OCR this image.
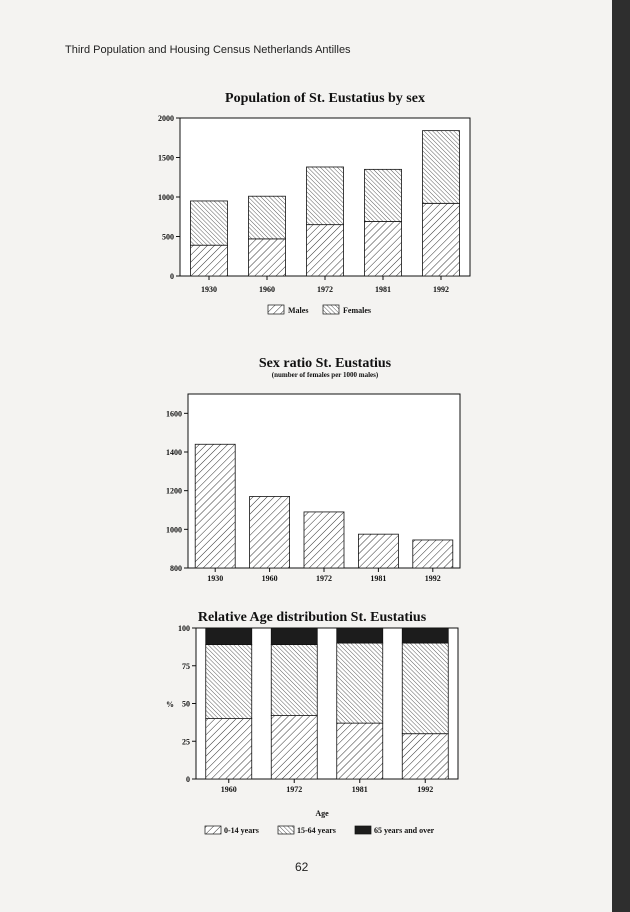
Third Population and Housing Census Netherlands Antilles
62
Population of St. Eustatius by sex
0
500
1000
1500
2000
1930	1960	1972	1981	1992
Males	Females
Sex ratio St. Eustatius
(number of females per 1000 males)
800
1000
1200
1400
1600
1930	1960	1972	1981	1992
Relative Age distribution St. Eustatius
0
25
50
75
100
1960	1972	1981	1992
%
Age
0-14 years	15-64 years	65 years and over
